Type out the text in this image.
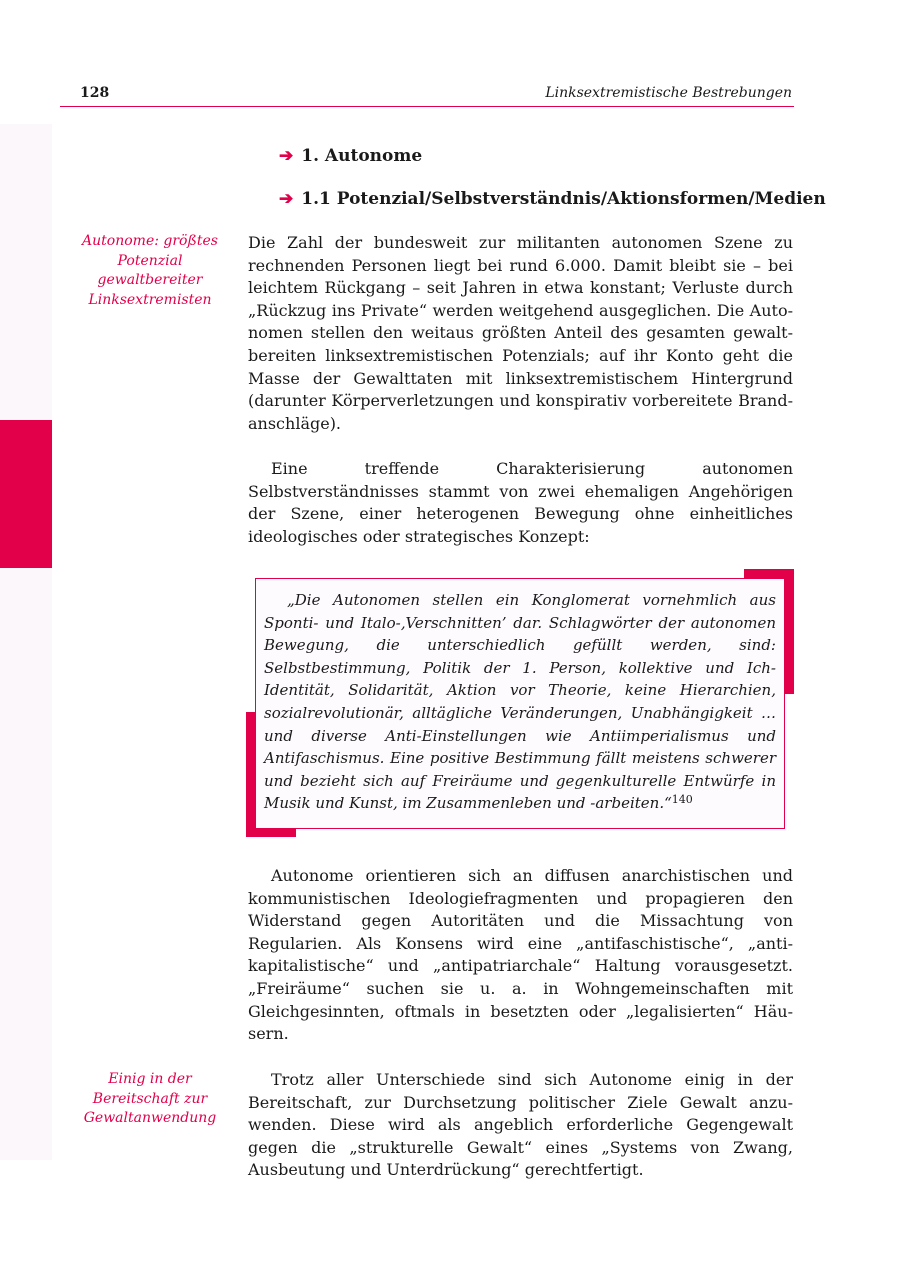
128	Linksextremistische Bestrebungen
➔ 1. Autonome
➔ 1.1 Potenzial/Selbstverständnis/Aktionsformen/Medien
Autonome: größtes Potenzial gewaltbereiter Linksextremisten

Die Zahl der bundesweit zur militanten autonomen Szene zu rechnenden Personen liegt bei rund 6.000. Damit bleibt sie – bei leichtem Rückgang – seit Jahren in etwa konstant; Verluste durch „Rückzug ins Private“ werden weitgehend ausgeglichen. Die Autonomen stellen den weitaus größten Anteil des gesamten gewaltbereiten linksextremistischen Potenzials; auf ihr Konto geht die Masse der Gewalttaten mit linksextremistischem Hintergrund (darunter Körperverletzungen und konspirativ vorbereitete Brandanschläge).

Eine treffende Charakterisierung autonomen Selbstverständnisses stammt von zwei ehemaligen Angehörigen der Szene, einer heterogenen Bewegung ohne einheitliches ideologisches oder strategisches Konzept:

„Die Autonomen stellen ein Konglomerat vornehmlich aus Sponti- und Italo-‚Verschnitten’ dar. Schlagwörter der autonomen Bewegung, die unterschiedlich gefüllt werden, sind: Selbstbestimmung, Politik der 1. Person, kollektive und Ich-Identität, Solidarität, Aktion vor Theorie, keine Hierarchien, sozialrevolutionär, alltägliche Veränderungen, Unabhängigkeit … und diverse Anti-Einstellungen wie Antiimperialismus und Antifaschismus. Eine positive Bestimmung fällt meistens schwerer und bezieht sich auf Freiräume und gegenkulturelle Entwürfe in Musik und Kunst, im Zusammenleben und -arbeiten.“$^{140}$

Autonome orientieren sich an diffusen anarchistischen und kommunistischen Ideologiefragmenten und propagieren den Widerstand gegen Autoritäten und die Missachtung von Regularien. Als Konsens wird eine „antifaschistische“, „antikapitalistische“ und „antipatriarchale“ Haltung vorausgesetzt. „Freiräume“ suchen sie u. a. in Wohngemeinschaften mit Gleichgesinnten, oftmals in besetzten oder „legalisierten“ Häusern.

Einig in der Bereitschaft zur Gewaltanwendung

Trotz aller Unterschiede sind sich Autonome einig in der Bereitschaft, zur Durchsetzung politischer Ziele Gewalt anzuwenden. Diese wird als angeblich erforderliche Gegengewalt gegen die „strukturelle Gewalt“ eines „Systems von Zwang, Ausbeutung und Unterdrückung“ gerechtfertigt.
